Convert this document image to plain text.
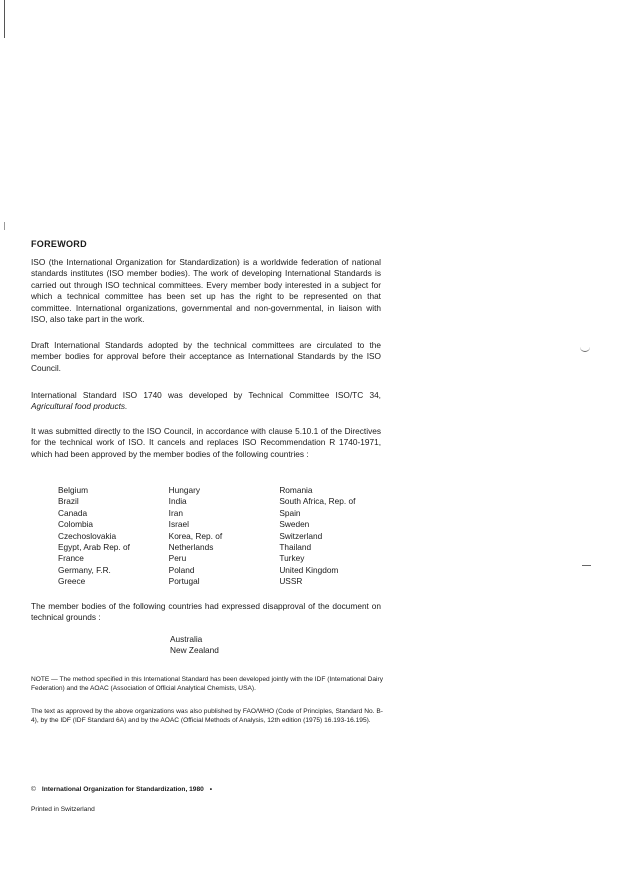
FOREWORD
ISO (the International Organization for Standardization) is a worldwide federation of national standards institutes (ISO member bodies). The work of developing International Standards is carried out through ISO technical committees. Every member body interested in a subject for which a technical committee has been set up has the right to be represented on that committee. International organizations, governmental and non-governmental, in liaison with ISO, also take part in the work.
Draft International Standards adopted by the technical committees are circulated to the member bodies for approval before their acceptance as International Standards by the ISO Council.
International Standard ISO 1740 was developed by Technical Committee ISO/TC 34, Agricultural food products.
It was submitted directly to the ISO Council, in accordance with clause 5.10.1 of the Directives for the technical work of ISO. It cancels and replaces ISO Recommendation R 1740-1971, which had been approved by the member bodies of the following countries :
Belgium
Brazil
Canada
Colombia
Czechoslovakia
Egypt, Arab Rep. of
France
Germany, F.R.
Greece
Hungary
India
Iran
Israel
Korea, Rep. of
Netherlands
Peru
Poland
Portugal
Romania
South Africa, Rep. of
Spain
Sweden
Switzerland
Thailand
Turkey
United Kingdom
USSR
The member bodies of the following countries had expressed disapproval of the document on technical grounds :
Australia
New Zealand
NOTE — The method specified in this International Standard has been developed jointly with the IDF (International Dairy Federation) and the AOAC (Association of Official Analytical Chemists, USA).
The text as approved by the above organizations was also published by FAO/WHO (Code of Principles, Standard No. B-4), by the IDF (IDF Standard 6A) and by the AOAC (Official Methods of Analysis, 12th edition (1975) 16.193-16.195).
© International Organization for Standardization, 1980 •
Printed in Switzerland
